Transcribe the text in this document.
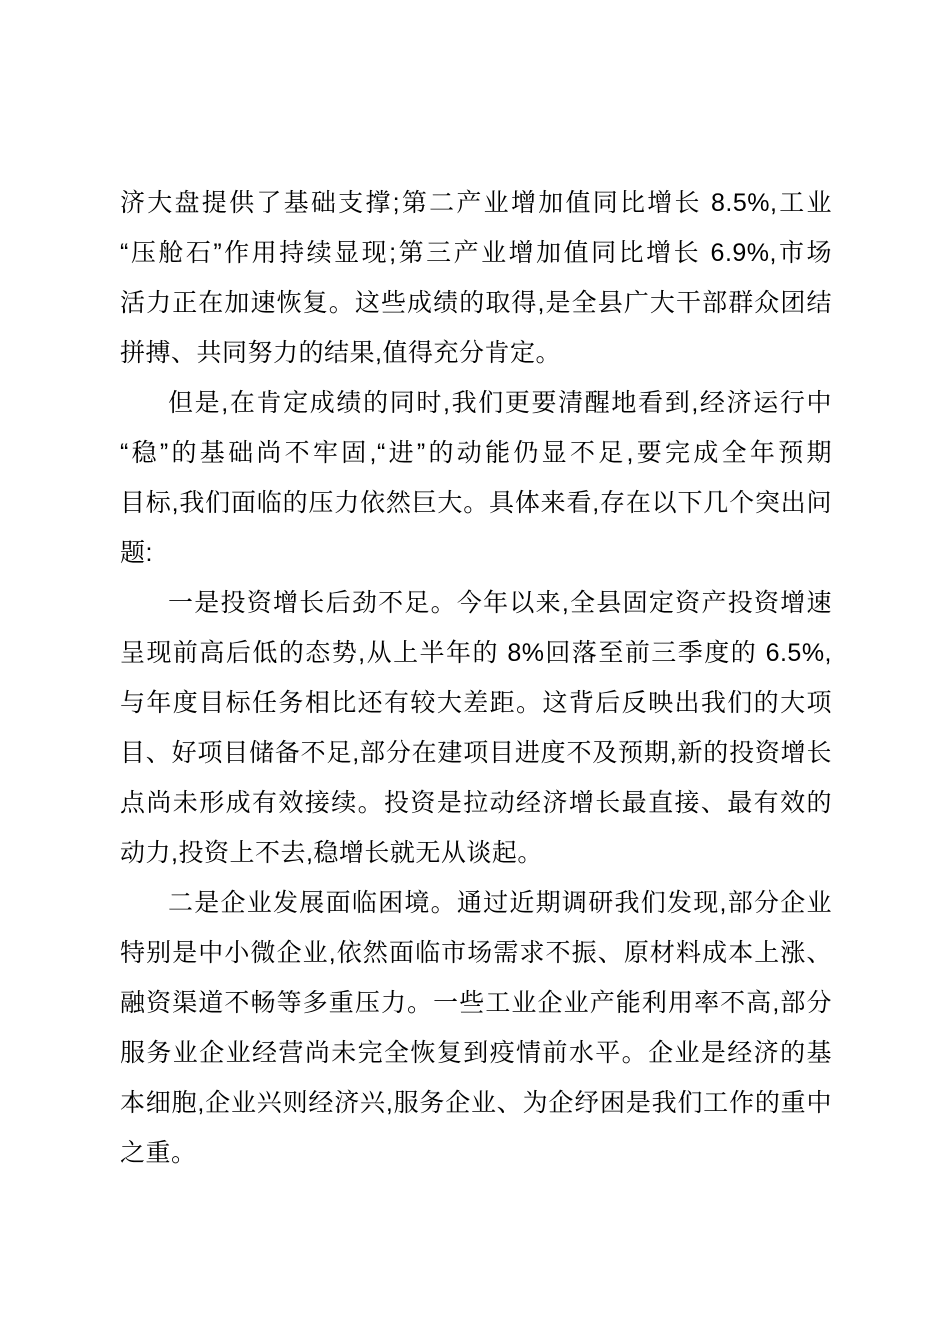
济大盘提供了基础支撑;第二产业增加值同比增长 8.5%,工业
“压舱石”作用持续显现;第三产业增加值同比增长 6.9%,市场
活力正在加速恢复。这些成绩的取得,是全县广大干部群众团结
拼搏、共同努力的结果,值得充分肯定。
但是,在肯定成绩的同时,我们更要清醒地看到,经济运行中
“稳”的基础尚不牢固,“进”的动能仍显不足,要完成全年预期
目标,我们面临的压力依然巨大。具体来看,存在以下几个突出问
题:
一是投资增长后劲不足。今年以来,全县固定资产投资增速
呈现前高后低的态势,从上半年的 8%回落至前三季度的 6.5%,
与年度目标任务相比还有较大差距。这背后反映出我们的大项
目、好项目储备不足,部分在建项目进度不及预期,新的投资增长
点尚未形成有效接续。投资是拉动经济增长最直接、最有效的
动力,投资上不去,稳增长就无从谈起。
二是企业发展面临困境。通过近期调研我们发现,部分企业
特别是中小微企业,依然面临市场需求不振、原材料成本上涨、
融资渠道不畅等多重压力。一些工业企业产能利用率不高,部分
服务业企业经营尚未完全恢复到疫情前水平。企业是经济的基
本细胞,企业兴则经济兴,服务企业、为企纾困是我们工作的重中
之重。
